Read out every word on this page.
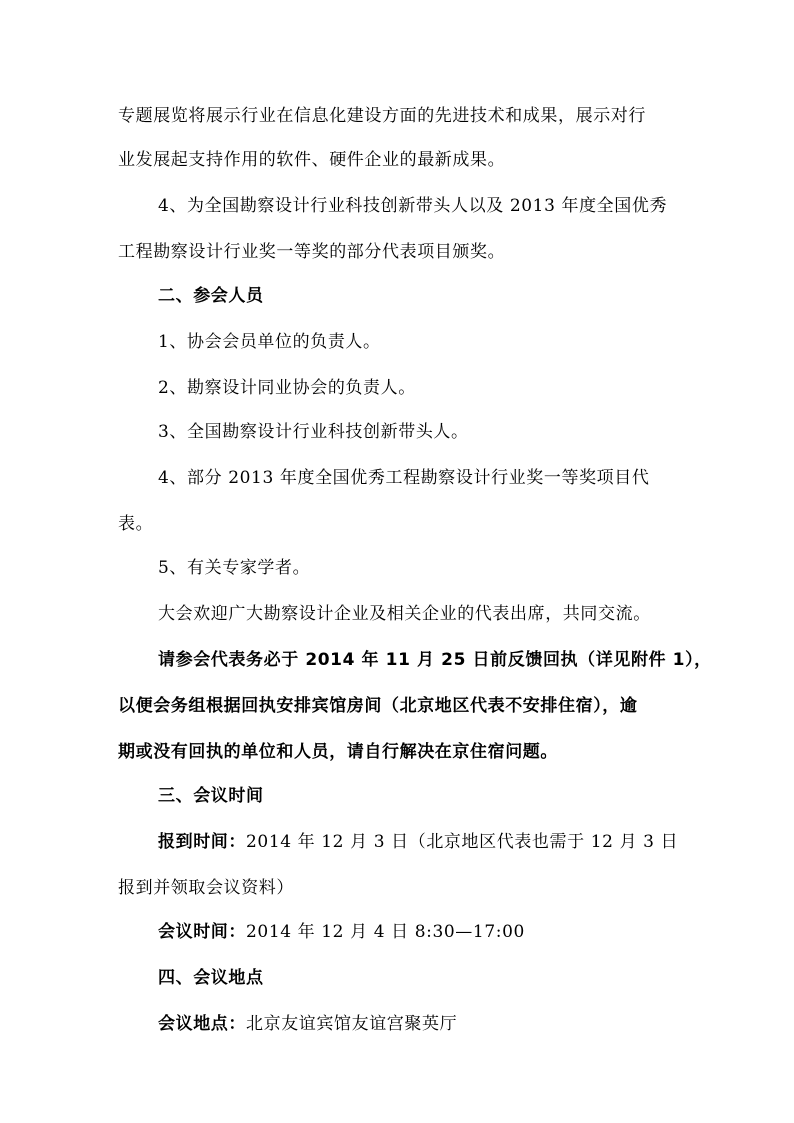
专题展览将展示行业在信息化建设方面的先进技术和成果，展示对行
业发展起支持作用的软件、硬件企业的最新成果。
4、为全国勘察设计行业科技创新带头人以及 2013 年度全国优秀
工程勘察设计行业奖一等奖的部分代表项目颁奖。
二、参会人员
1、协会会员单位的负责人。
2、勘察设计同业协会的负责人。
3、全国勘察设计行业科技创新带头人。
4、部分 2013 年度全国优秀工程勘察设计行业奖一等奖项目代
表。
5、有关专家学者。
大会欢迎广大勘察设计企业及相关企业的代表出席，共同交流。
请参会代表务必于 2014 年 11 月 25 日前反馈回执（详见附件 1），
以便会务组根据回执安排宾馆房间（北京地区代表不安排住宿），逾
期或没有回执的单位和人员，请自行解决在京住宿问题。
三、会议时间
报到时间：2014 年 12 月 3 日（北京地区代表也需于 12 月 3 日
报到并领取会议资料）
会议时间：2014 年 12 月 4 日 8:30—17:00
四、会议地点
会议地点：北京友谊宾馆友谊宫聚英厅
